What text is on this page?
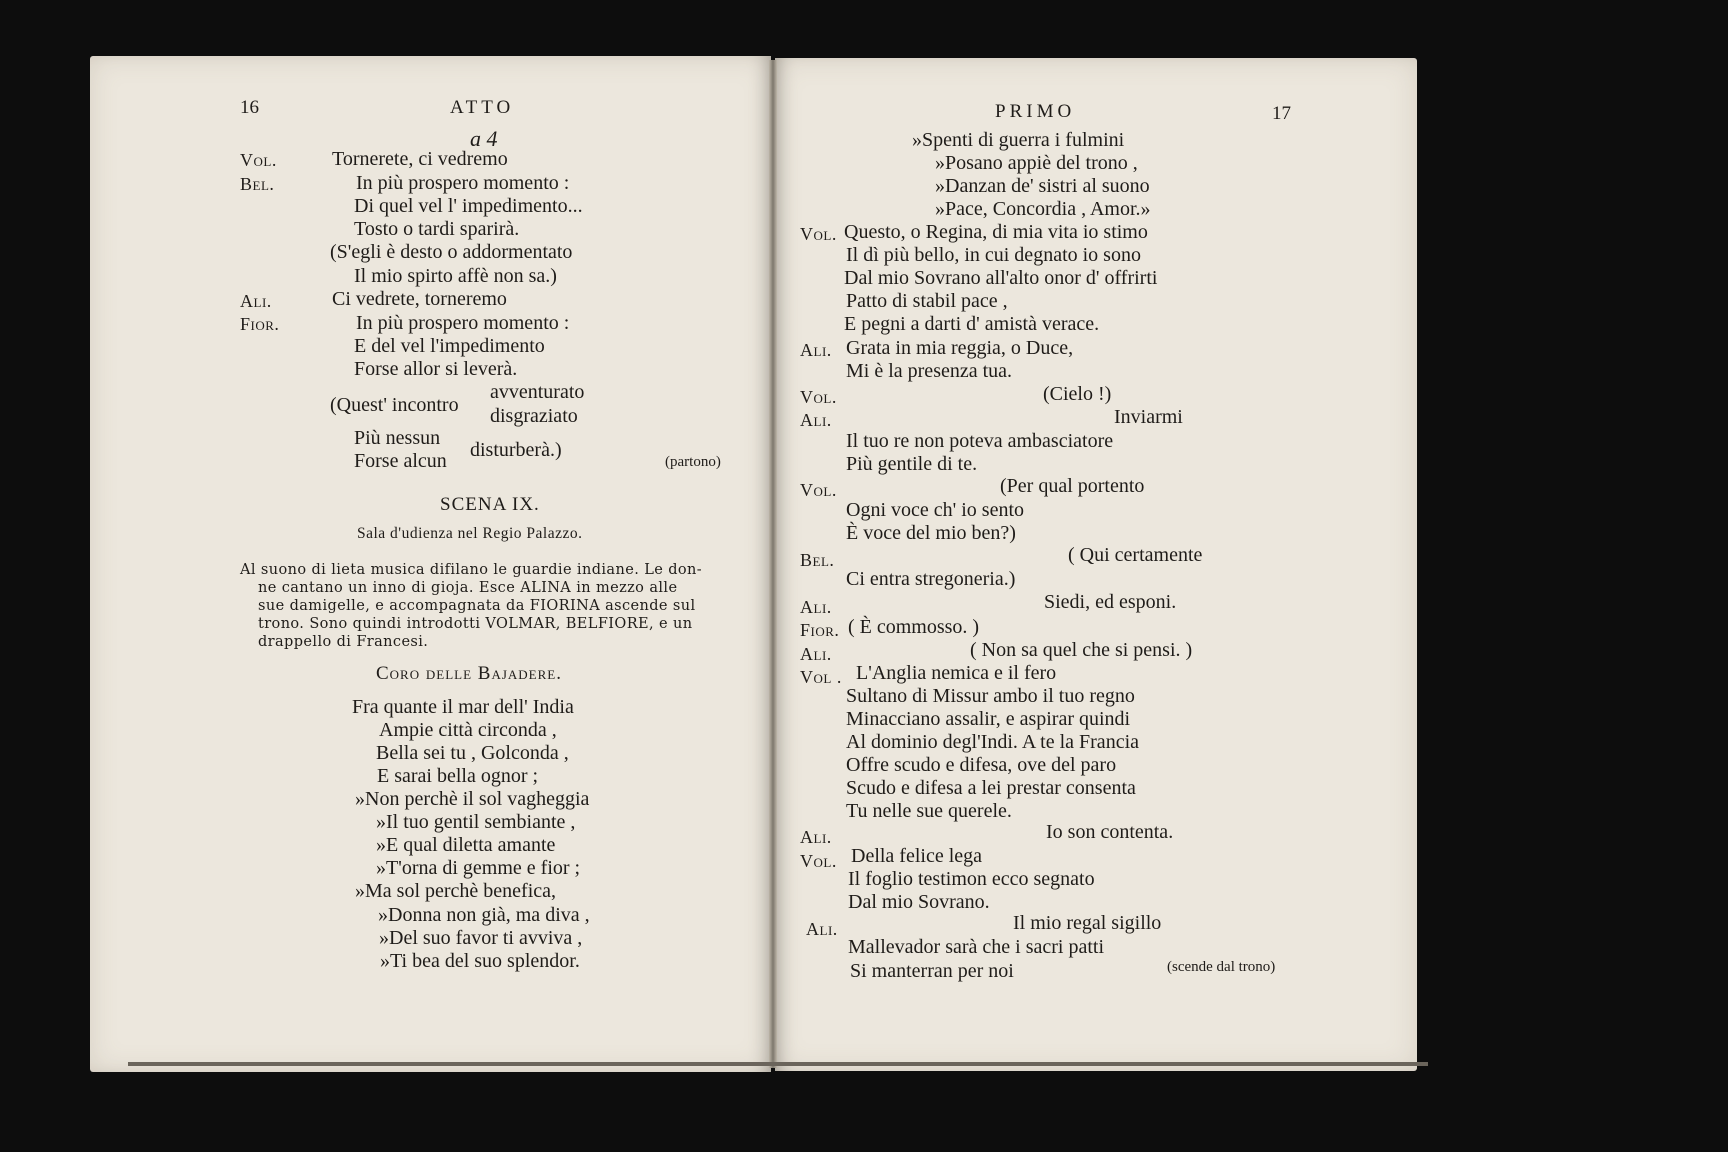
16	ATTO
a 4
Vol.	Tornerete, ci vedremo
Bel.	In più prospero momento :
Di quel vel l' impedimento...
Tosto o tardi sparirà.
(S'egli è desto o addormentato
Il mio spirto affè non sa.)
Ali.	Ci vedrete, torneremo
Fior.	In più prospero momento :
E del vel l'impedimento
Forse allor si leverà.
(Quest' incontro
avventurato
disgraziato
Più nessun
Forse alcun disturberà.)
(partono)
SCENA IX.
Sala d'udienza nel Regio Palazzo.
Al suono di lieta musica difilano le guardie indiane. Le don-
ne cantano un inno di gioja. Esce ALINA in mezzo alle
sue damigelle, e accompagnata da FIORINA ascende sul
trono. Sono quindi introdotti VOLMAR, BELFIORE, e un
drappello di Francesi.
Coro delle Bajadere.
Fra quante il mar dell' India
Ampie città circonda ,
Bella sei tu , Golconda ,
E sarai bella ognor ;
»Non perchè il sol vagheggia
»Il tuo gentil sembiante ,
»E qual diletta amante
»T'orna di gemme e fior ;
»Ma sol perchè benefica,
»Donna non già, ma diva ,
»Del suo favor ti avviva ,
»Ti bea del suo splendor.
PRIMO	17
»Spenti di guerra i fulmini
»Posano appiè del trono ,
»Danzan de' sistri al suono
»Pace, Concordia , Amor.»
Vol. Questo, o Regina, di mia vita io stimo
Il dì più bello, in cui degnato io sono
Dal mio Sovrano all'alto onor d' offrirti
Patto di stabil pace ,
E pegni a darti d' amistà verace.
Ali. Grata in mia reggia, o Duce,
Mi è la presenza tua.
Vol.	(Cielo !)
Ali.	Inviarmi
Il tuo re non poteva ambasciatore
Più gentile di te.
Vol.	(Per qual portento
Ogni voce ch' io sento
È voce del mio ben?)
Bel.	( Qui certamente
Ci entra stregoneria.)
Ali.	Siedi, ed esponi.
Fior. ( È commosso. )
Ali.	( Non sa quel che si pensi. )
Vol . L'Anglia nemica e il fero
Sultano di Missur ambo il tuo regno
Minacciano assalir, e aspirar quindi
Al dominio degl'Indi. A te la Francia
Offre scudo e difesa, ove del paro
Scudo e difesa a lei prestar consenta
Tu nelle sue querele.
Ali.	Io son contenta.
Vol. Della felice lega
Il foglio testimon ecco segnato
Dal mio Sovrano.
Ali.	Il mio regal sigillo
Mallevador sarà che i sacri patti
Si manterran per noi	(scende dal trono)
